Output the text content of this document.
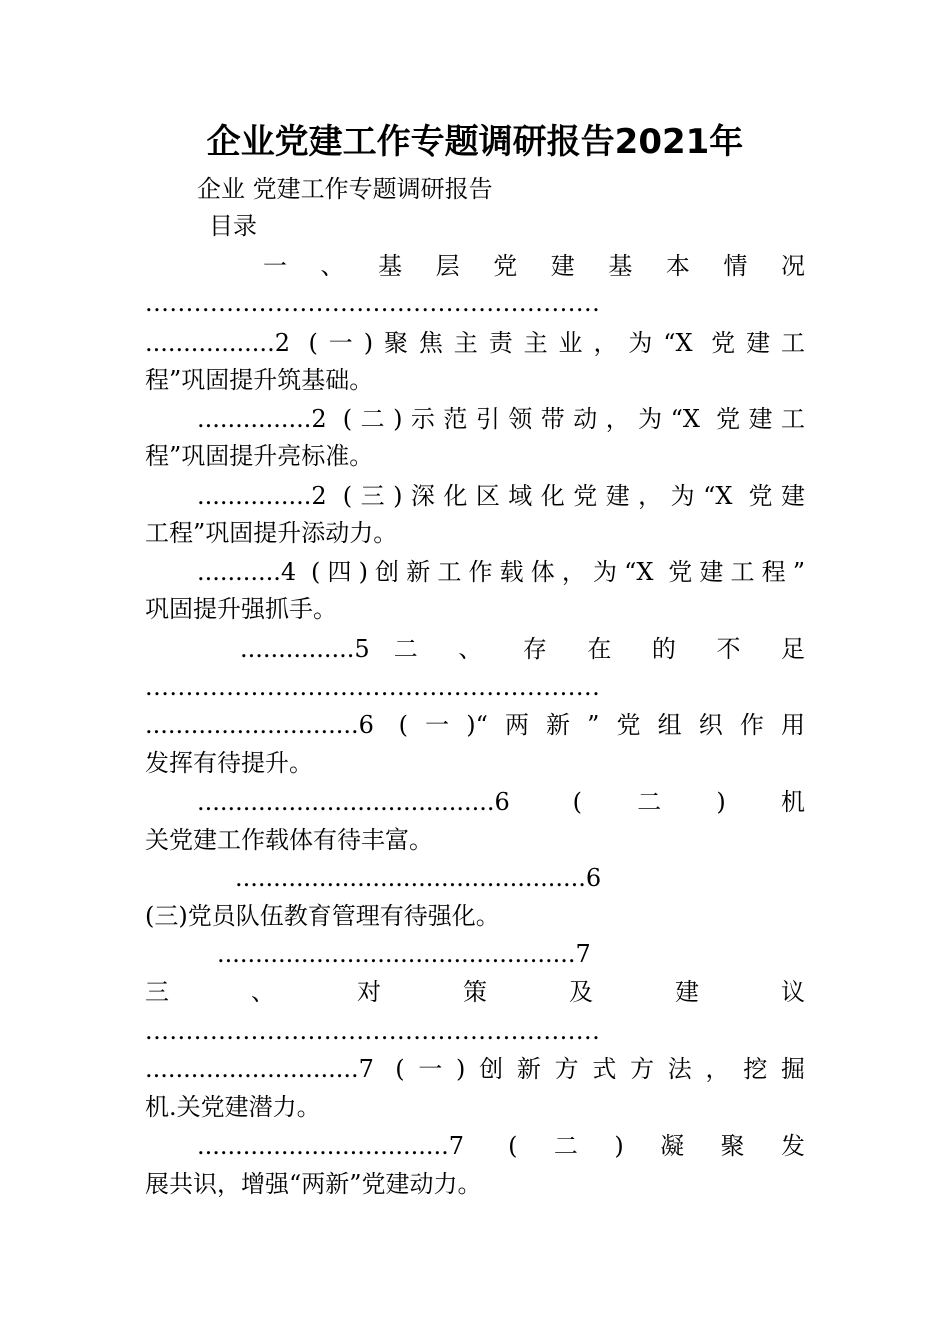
企业党建工作专题调研报告2021年
企业 党建工作专题调研报告
目录
一 、 基 层 党 建 基 本 情 况
........................................................
.................2 (一)聚焦主责主业，为“X 党建工
程”巩固提升筑基础。
...............2 (二)示范引领带动，为“X 党建工
程”巩固提升亮标准。
...............2 (三)深化区域化党建，为“X 党建
工程”巩固提升添动力。
...........4 (四)创新工作载体，为“X 党建工程”
巩固提升强抓手。
...............5 二 、 存 在 的 不 足
........................................................
............................6 (一)“两新”党组织作用
发挥有待提升。
.......................................6 (二)机
关党建工作载体有待丰富。
..............................................6
(三)党员队伍教育管理有待强化。
...............................................7
三 、 对 策 及 建 议
........................................................
............................7 (一)创新方式方法，挖掘
机.关党建潜力。
.................................7 (二)凝聚发
展共识，增强“两新”党建动力。
